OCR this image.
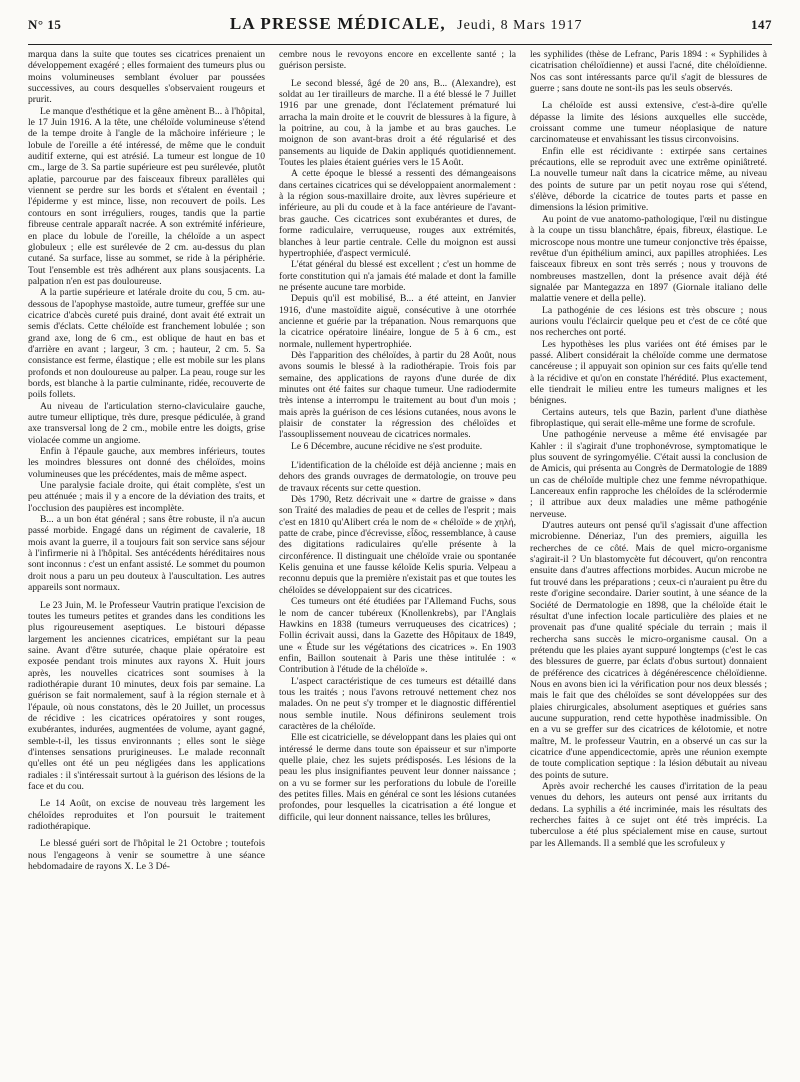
N° 15	LA PRESSE MÉDICALE, Jeudi, 8 Mars 1917	147

marqua dans la suite que toutes ses cicatrices prenaient un développement exagéré ; elles formaient des tumeurs plus ou moins volumineuses semblant évoluer par poussées successives, au cours desquelles s'observaient rougeurs et prurit.

Le manque d'esthétique et la gêne amènent B... à l'hôpital, le 17 Juin 1916. A la tête, une chéloïde volumineuse s'étend de la tempe droite à l'angle de la mâchoire inférieure ; le lobule de l'oreille a été intéressé, de même que le conduit auditif externe, qui est atrésié. La tumeur est longue de 10 cm., large de 3. Sa partie supérieure est peu surélevée, plutôt aplatie, parcourue par des faisceaux fibreux parallèles qui viennent se perdre sur les bords et s'étalent en éventail ; l'épiderme y est mince, lisse, non recouvert de poils. Les contours en sont irréguliers, rouges, tandis que la partie fibreuse centrale apparaît nacrée. A son extrémité inférieure, en place du lobule de l'oreille, la chéloïde a un aspect globuleux ; elle est surélevée de 2 cm. au-dessus du plan cutané. Sa surface, lisse au sommet, se ride à la périphérie. Tout l'ensemble est très adhérent aux plans sousjacents. La palpation n'en est pas douloureuse.

A la partie supérieure et latérale droite du cou, 5 cm. au-dessous de l'apophyse mastoïde, autre tumeur, greffée sur une cicatrice d'abcès cureté puis drainé, dont avait été extrait un semis d'éclats. Cette chéloïde est franchement lobulée ; son grand axe, long de 6 cm., est oblique de haut en bas et d'arrière en avant ; largeur, 3 cm. ; hauteur, 2 cm. 5. Sa consistance est ferme, élastique ; elle est mobile sur les plans profonds et non douloureuse au palper. La peau, rouge sur les bords, est blanche à la partie culminante, ridée, recouverte de poils follets.

Au niveau de l'articulation sterno-claviculaire gauche, autre tumeur elliptique, très dure, presque pédiculée, à grand axe transversal long de 2 cm., mobile entre les doigts, grise violacée comme un angiome.

Enfin à l'épaule gauche, aux membres inférieurs, toutes les moindres blessures ont donné des chéloïdes, moins volumineuses que les précédentes, mais de même aspect.

Une paralysie faciale droite, qui était complète, s'est un peu atténuée ; mais il y a encore de la déviation des traits, et l'occlusion des paupières est incomplète.

B... a un bon état général ; sans être robuste, il n'a aucun passé morbide. Engagé dans un régiment de cavalerie, 18 mois avant la guerre, il a toujours fait son service sans séjour à l'infirmerie ni à l'hôpital. Ses antécédents héréditaires nous sont inconnus : c'est un enfant assisté. Le sommet du poumon droit nous a paru un peu douteux à l'auscultation. Les autres appareils sont normaux.

Le 23 Juin, M. le Professeur Vautrin pratique l'excision de toutes les tumeurs petites et grandes dans les conditions les plus rigoureusement aseptiques. Le bistouri dépasse largement les anciennes cicatrices, empiétant sur la peau saine. Avant d'être suturée, chaque plaie opératoire est exposée pendant trois minutes aux rayons X. Huit jours après, les nouvelles cicatrices sont soumises à la radiothérapie durant 10 minutes, deux fois par semaine. La guérison se fait normalement, sauf à la région sternale et à l'épaule, où nous constatons, dès le 20 Juillet, un processus de récidive : les cicatrices opératoires y sont rouges, exubérantes, indurées, augmentées de volume, ayant gagné, semble-t-il, les tissus environnants ; elles sont le siège d'intenses sensations prurigineuses. Le malade reconnaît qu'elles ont été un peu négligées dans les applications radiales : il s'intéressait surtout à la guérison des lésions de la face et du cou.

Le 14 Août, on excise de nouveau très largement les chéloïdes reproduites et l'on poursuit le traitement radiothérapique.

Le blessé guéri sort de l'hôpital le 21 Octobre ; toutefois nous l'engageons à venir se soumettre à une séance hebdomadaire de rayons X. Le 3 Dé-

cembre nous le revoyons encore en excellente santé ; la guérison persiste.

Le second blessé, âgé de 20 ans, B... (Alexandre), est soldat au 1er tirailleurs de marche. Il a été blessé le 7 Juillet 1916 par une grenade, dont l'éclatement prématuré lui arracha la main droite et le couvrit de blessures à la figure, à la poitrine, au cou, à la jambe et au bras gauches. Le moignon de son avant-bras droit a été régularisé et des pansements au liquide de Dakin appliqués quotidiennement. Toutes les plaies étaient guéries vers le 15 Août.

A cette époque le blessé a ressenti des démangeaisons dans certaines cicatrices qui se développaient anormalement : à la région sous-maxillaire droite, aux lèvres supérieure et inférieure, au pli du coude et à la face antérieure de l'avant-bras gauche. Ces cicatrices sont exubérantes et dures, de forme radiculaire, verruqueuse, rouges aux extrémités, blanches à leur partie centrale. Celle du moignon est aussi hypertrophiée, d'aspect vermiculé.

L'état général du blessé est excellent ; c'est un homme de forte constitution qui n'a jamais été malade et dont la famille ne présente aucune tare morbide.

Depuis qu'il est mobilisé, B... a été atteint, en Janvier 1916, d'une mastoïdite aiguë, consécutive à une otorrhée ancienne et guérie par la trépanation. Nous remarquons que la cicatrice opératoire linéaire, longue de 5 à 6 cm., est normale, nullement hypertrophiée.

Dès l'apparition des chéloïdes, à partir du 28 Août, nous avons soumis le blessé à la radiothérapie. Trois fois par semaine, des applications de rayons d'une durée de dix minutes ont été faites sur chaque tumeur. Une radiodermite très intense a interrompu le traitement au bout d'un mois ; mais après la guérison de ces lésions cutanées, nous avons le plaisir de constater la régression des chéloïdes et l'assouplissement nouveau de cicatrices normales.

Le 6 Décembre, aucune récidive ne s'est produite.

L'identification de la chéloïde est déjà ancienne ; mais en dehors des grands ouvrages de dermatologie, on trouve peu de travaux récents sur cette question.

Dès 1790, Retz décrivait une « dartre de graisse » dans son Traité des maladies de peau et de celles de l'esprit ; mais c'est en 1810 qu'Alibert créa le nom de « chéloïde » de χηλή, patte de crabe, pince d'écrevisse, εἶδος, ressemblance, à cause des digitations radiculaires qu'elle présente à la circonférence. Il distinguait une chéloïde vraie ou spontanée Kelis genuina et une fausse kéloïde Kelis spuria. Velpeau a reconnu depuis que la première n'existait pas et que toutes les chéloïdes se développaient sur des cicatrices.

Ces tumeurs ont été étudiées par l'Allemand Fuchs, sous le nom de cancer tubéreux (Knollenkrebs), par l'Anglais Hawkins en 1838 (tumeurs verruqueuses des cicatrices) ; Follin écrivait aussi, dans la Gazette des Hôpitaux de 1849, une « Étude sur les végétations des cicatrices ». En 1903 enfin, Baillon soutenait à Paris une thèse intitulée : « Contribution à l'étude de la chéloïde ».

L'aspect caractéristique de ces tumeurs est détaillé dans tous les traités ; nous l'avons retrouvé nettement chez nos malades. On ne peut s'y tromper et le diagnostic différentiel nous semble inutile. Nous définirons seulement trois caractères de la chéloïde.

Elle est cicatricielle, se développant dans les plaies qui ont intéressé le derme dans toute son épaisseur et sur n'importe quelle plaie, chez les sujets prédisposés. Les lésions de la peau les plus insignifiantes peuvent leur donner naissance ; on a vu se former sur les perforations du lobule de l'oreille des petites filles. Mais en général ce sont les lésions cutanées profondes, pour lesquelles la cicatrisation a été longue et difficile, qui leur donnent naissance, telles les brûlures,

les syphilides (thèse de Lefranc, Paris 1894 : « Syphilides à cicatrisation chéloïdienne) et aussi l'acné, dite chéloïdienne. Nos cas sont intéressants parce qu'il s'agit de blessures de guerre ; sans doute ne sont-ils pas les seuls observés.

La chéloïde est aussi extensive, c'est-à-dire qu'elle dépasse la limite des lésions auxquelles elle succède, croissant comme une tumeur néoplasique de nature carcinomateuse et envahissant les tissus circonvoisins.

Enfin elle est récidivante : extirpée sans certaines précautions, elle se reproduit avec une extrême opiniâtreté. La nouvelle tumeur naît dans la cicatrice même, au niveau des points de suture par un petit noyau rose qui s'étend, s'élève, déborde la cicatrice de toutes parts et passe en dimensions la lésion primitive.

Au point de vue anatomo-pathologique, l'œil nu distingue à la coupe un tissu blanchâtre, épais, fibreux, élastique. Le microscope nous montre une tumeur conjonctive très épaisse, revêtue d'un épithélium aminci, aux papilles atrophiées. Les faisceaux fibreux en sont très serrés ; nous y trouvons de nombreuses mastzellen, dont la présence avait déjà été signalée par Mantegazza en 1897 (Giornale italiano delle malattie venere et della pelle).

La pathogénie de ces lésions est très obscure ; nous aurions voulu l'éclaircir quelque peu et c'est de ce côté que nos recherches ont porté.

Les hypothèses les plus variées ont été émises par le passé. Alibert considérait la chéloïde comme une dermatose cancéreuse ; il appuyait son opinion sur ces faits qu'elle tend à la récidive et qu'on en constate l'hérédité. Plus exactement, elle tiendrait le milieu entre les tumeurs malignes et les bénignes.

Certains auteurs, tels que Bazin, parlent d'une diathèse fibroplastique, qui serait elle-même une forme de scrofule.

Une pathogénie nerveuse a même été envisagée par Kahler : il s'agirait d'une trophonévrose, symptomatique le plus souvent de syringomyélie. C'était aussi la conclusion de de Amicis, qui présenta au Congrès de Dermatologie de 1889 un cas de chéloïde multiple chez une femme névropathique. Lancereaux enfin rapproche les chéloïdes de la sclérodermie ; il attribue aux deux maladies une même pathogénie nerveuse.

D'autres auteurs ont pensé qu'il s'agissait d'une affection microbienne. Déneriaz, l'un des premiers, aiguilla les recherches de ce côté. Mais de quel micro-organisme s'agirait-il ? Un blastomycète fut découvert, qu'on rencontra ensuite dans d'autres affections morbides. Aucun microbe ne fut trouvé dans les préparations ; ceux-ci n'auraient pu être du reste d'origine secondaire. Darier soutint, à une séance de la Société de Dermatologie en 1898, que la chéloïde était le résultat d'une infection locale particulière des plaies et ne provenait pas d'une qualité spéciale du terrain ; mais il rechercha sans succès le micro-organisme causal. On a prétendu que les plaies ayant suppuré longtemps (c'est le cas des blessures de guerre, par éclats d'obus surtout) donnaient de préférence des cicatrices à dégénérescence chéloïdienne. Nous en avons bien ici la vérification pour nos deux blessés ; mais le fait que des chéloïdes se sont développées sur des plaies chirurgicales, absolument aseptiques et guéries sans aucune suppuration, rend cette hypothèse inadmissible. On en a vu se greffer sur des cicatrices de kélotomie, et notre maître, M. le professeur Vautrin, en a observé un cas sur la cicatrice d'une appendicectomie, après une réunion exempte de toute complication septique : la lésion débutait au niveau des points de suture.

Après avoir recherché les causes d'irritation de la peau venues du dehors, les auteurs ont pensé aux irritants du dedans. La syphilis a été incriminée, mais les résultats des recherches faites à ce sujet ont été très imprécis. La tuberculose a été plus spécialement mise en cause, surtout par les Allemands. Il a semblé que les scrofuleux y
